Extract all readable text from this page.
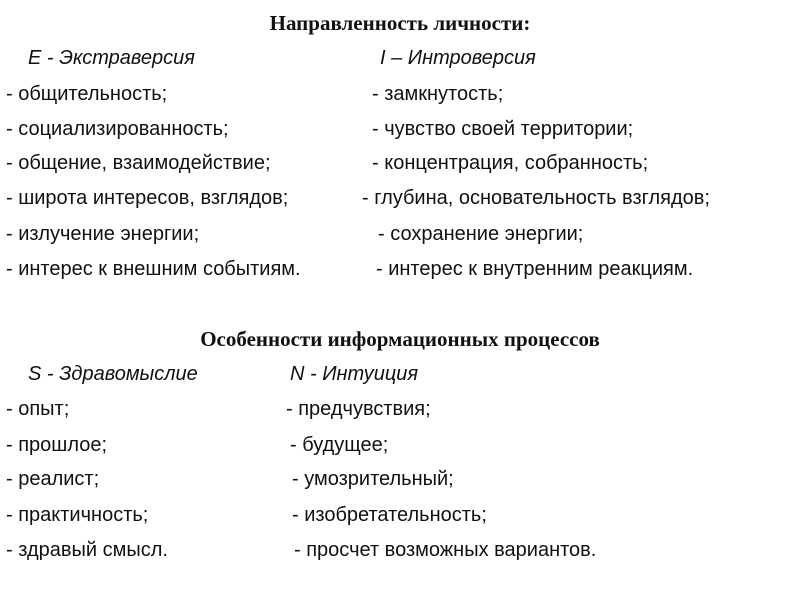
Направленность личности:
E - Экстраверсия	I – Интроверсия
- общительность;	- замкнутость;
- социализированность;	- чувство своей территории;
- общение, взаимодействие;	- концентрация, собранность;
- широта интересов, взглядов;	- глубина, основательность взглядов;
- излучение энергии;	- сохранение энергии;
- интерес к внешним событиям.	- интерес к внутренним реакциям.
Особенности информационных процессов
S - Здравомыслие	N - Интуиция
- опыт;	- предчувствия;
- прошлое;	- будущее;
- реалист;	- умозрительный;
- практичность;	- изобретательность;
- здравый смысл.	- просчет возможных вариантов.
